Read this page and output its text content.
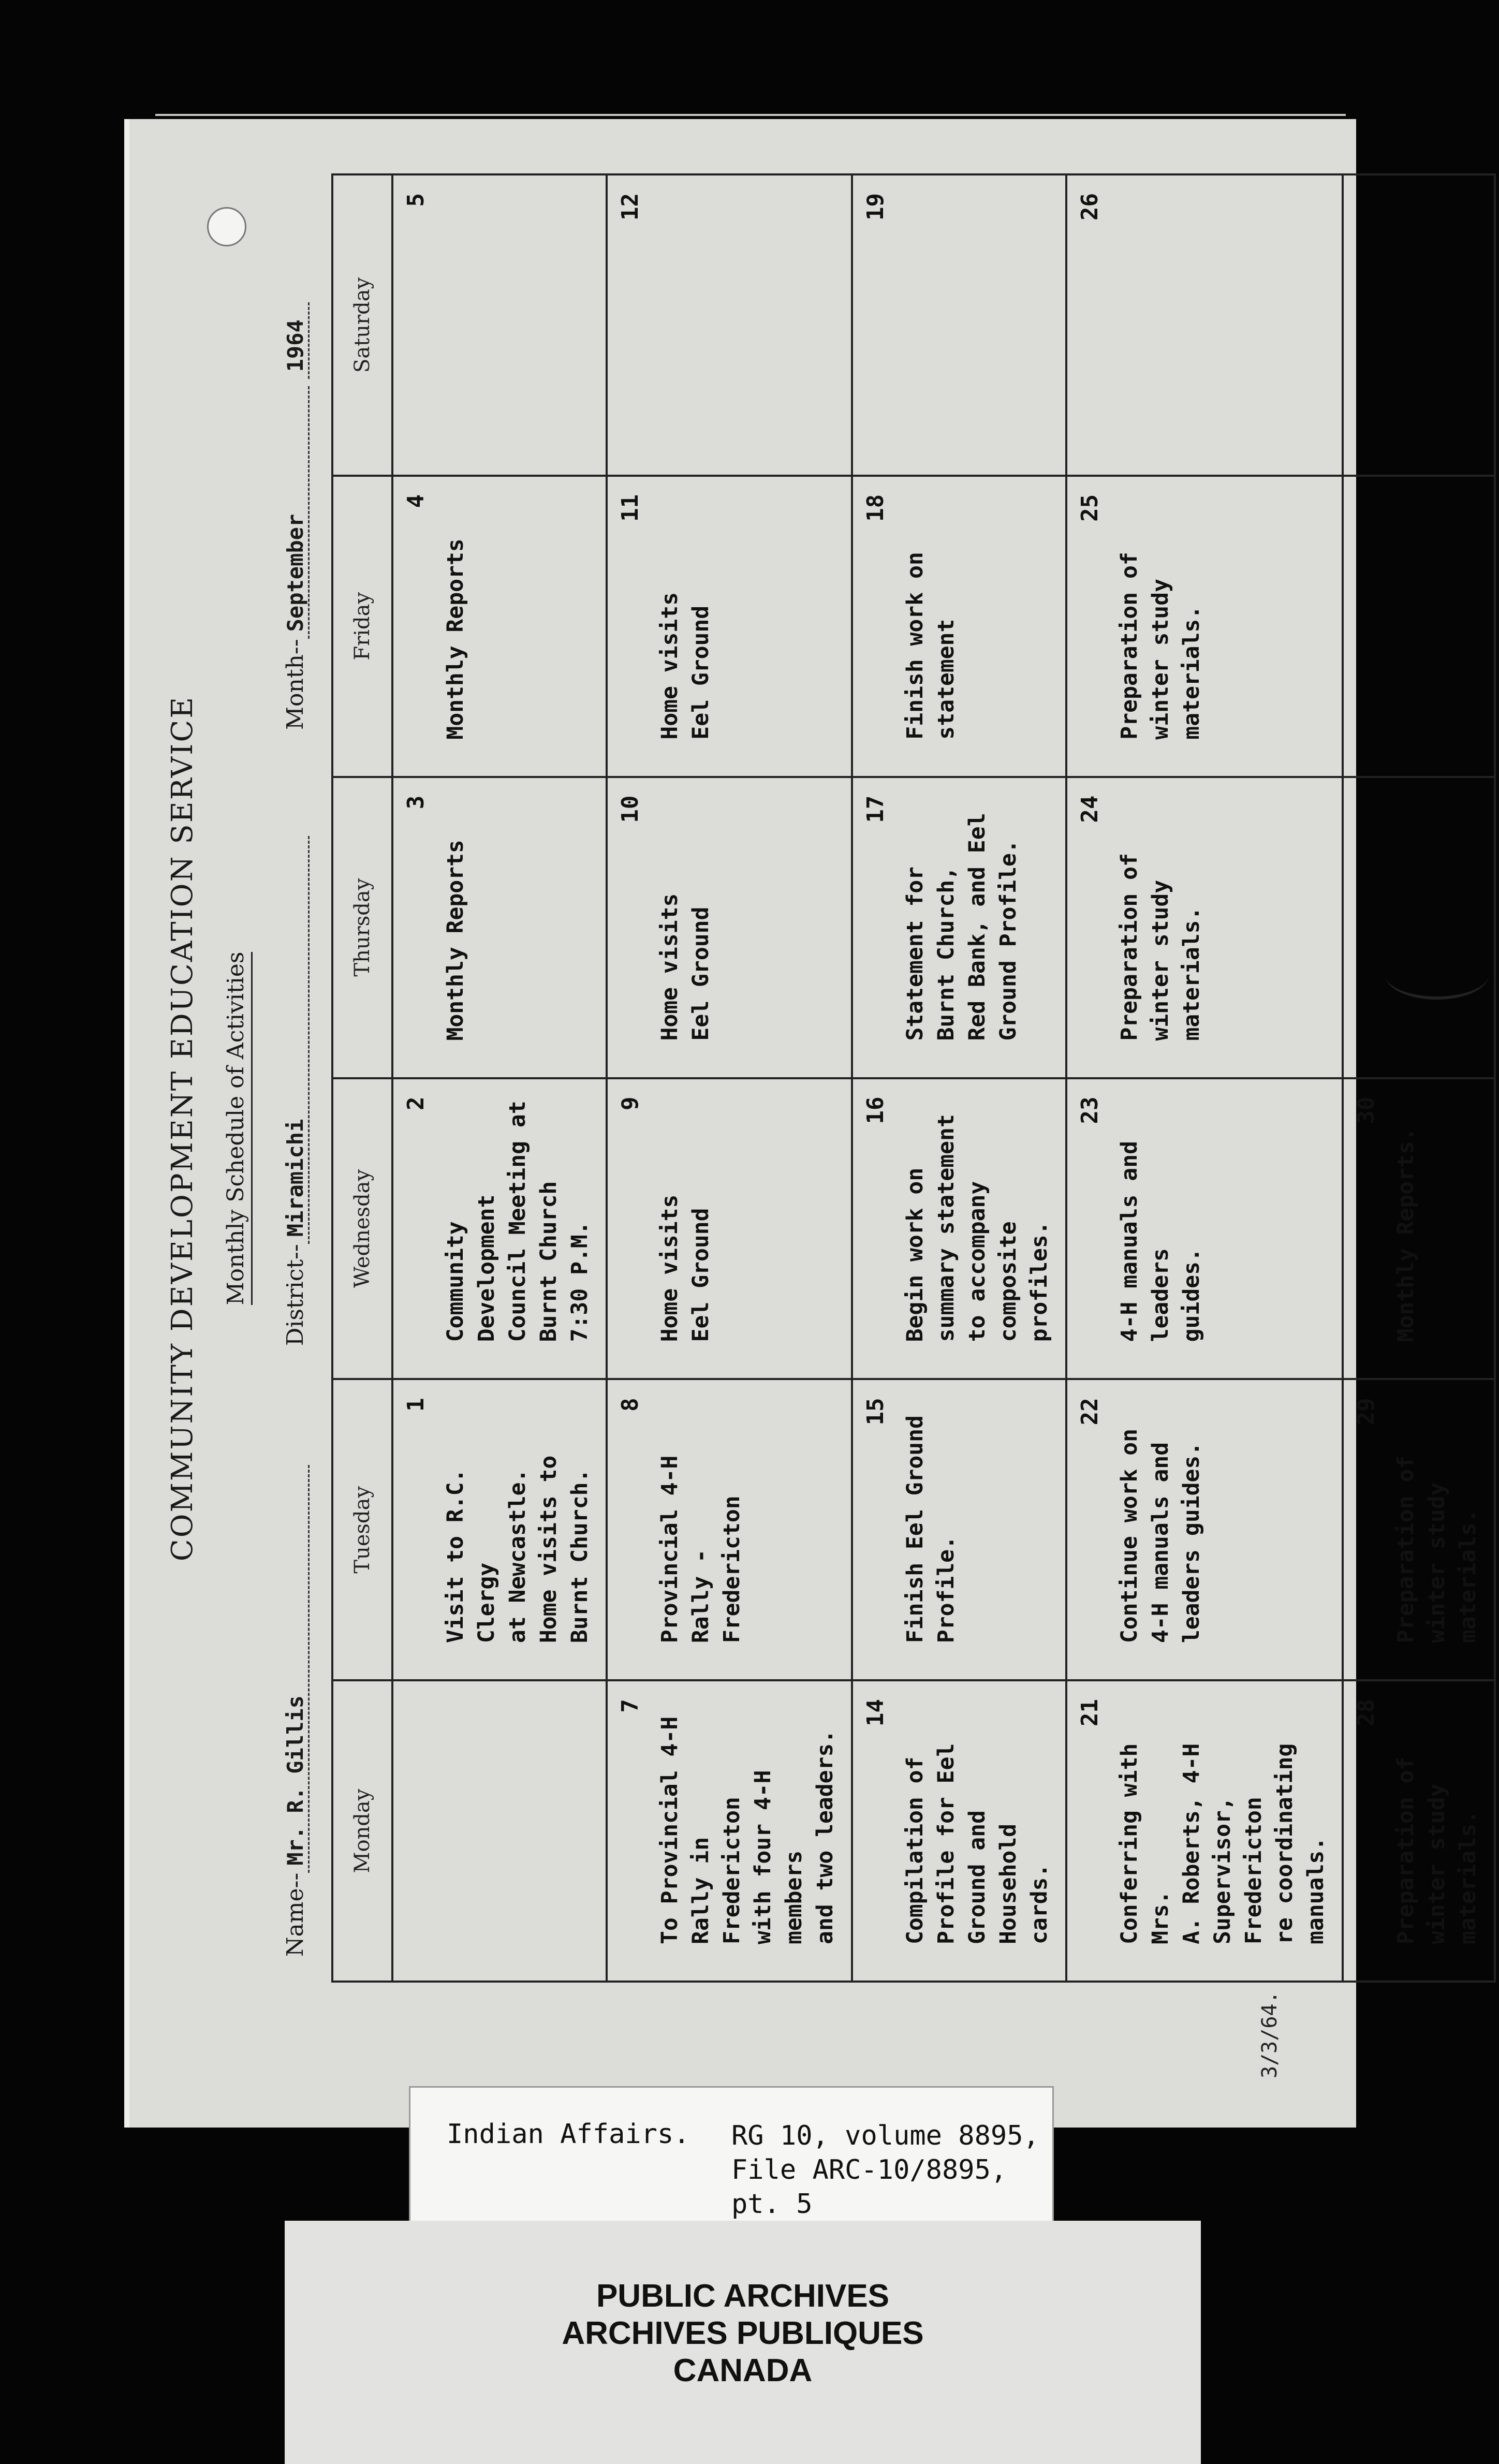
COMMUNITY DEVELOPMENT EDUCATION SERVICE Monthly Schedule of Activities
Name--Mr. R. Gillis
District--Miramichi
Month--September 1964
Monday	Tuesday	Wednesday	Thursday	Friday	Saturday

	1
Visit to R.C. Clergy
at Newcastle.
Home visits to
Burnt Church.	2
Community Development
Council Meeting at
Burnt Church
7:30 P.M.	3
Monthly Reports	4
Monthly Reports	5

7
To Provincial 4-H
Rally in Fredericton
with four 4-H members
and two leaders.	8
Provincial 4-H
Rally - Fredericton	9
Home visits
Eel Ground	10
Home visits
Eel Ground	11
Home visits
Eel Ground	12

14
Compilation of
Profile for Eel
Ground and Household
cards.	15
Finish Eel Ground
Profile.	16
Begin work on
summary statement
to accompany
composite profiles.	17
Statement for
Burnt Church,
Red Bank, and Eel
Ground Profile.	18
Finish work on
statement	19

21
Conferring with Mrs.
A. Roberts, 4-H
Supervisor, Fredericton
re coordinating manuals.	22
Continue work on
4-H manuals and
leaders guides.	23
4-H manuals and leaders
guides.	24
Preparation of
winter study
materials.	25
Preparation of
winter study
materials.	26

28
Preparation of
winter study
materials.	29
Preparation of
winter study
materials.	30
Monthly Reports.			

3/3/64.
Indian Affairs. RG 10, volume 8895,
File ARC-10/8895, pt. 5
PUBLIC ARCHIVES
ARCHIVES PUBLIQUES
CANADA
